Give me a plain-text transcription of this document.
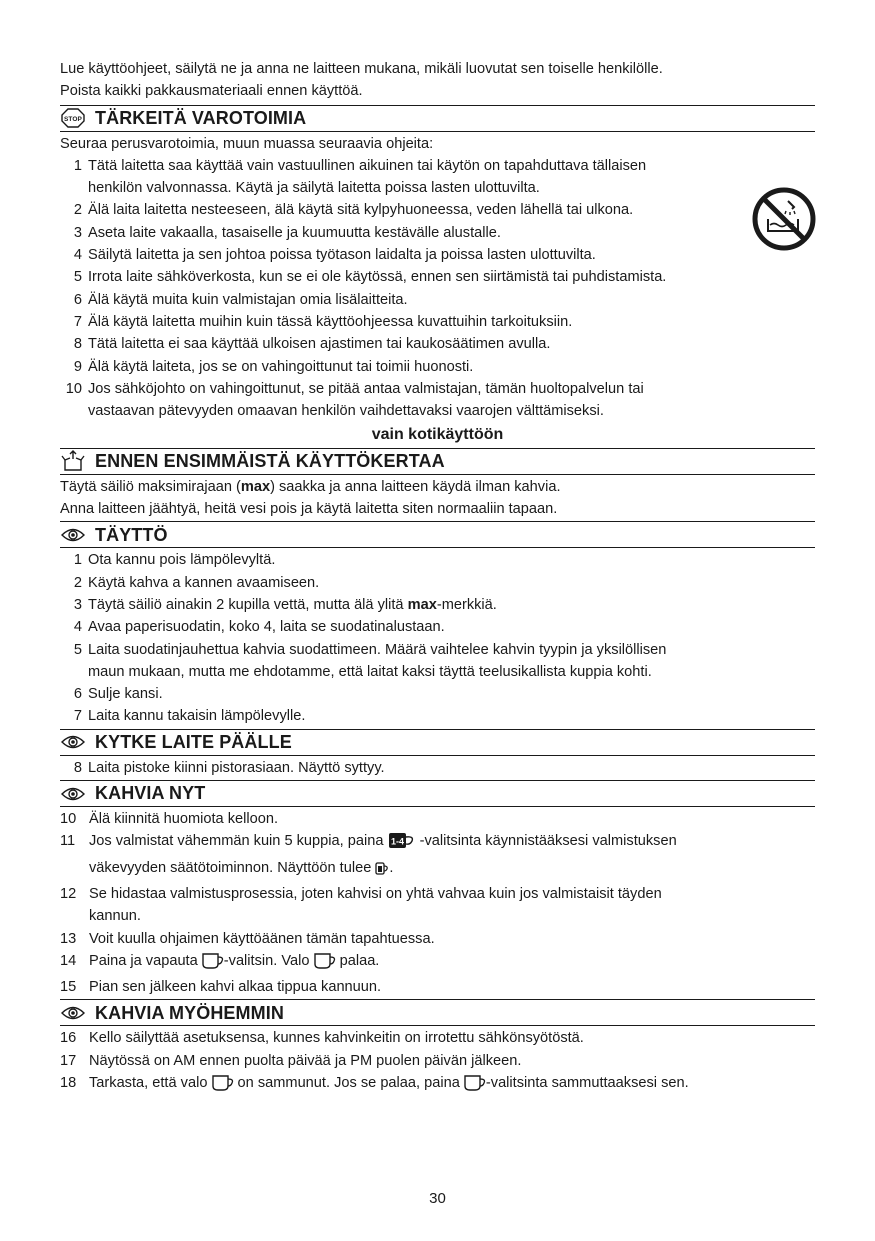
Lue käyttöohjeet, säilytä ne ja anna ne laitteen mukana, mikäli luovutat sen toiselle henkilölle.

Poista kaikki pakkausmateriaali ennen käyttöä.

STOP TÄRKEITÄ VAROTOIMIA

Seuraa perusvarotoimia, muun muassa seuraavia ohjeita:

1 Tätä laitetta saa käyttää vain vastuullinen aikuinen tai käytön on tapahduttava tällaisen
henkilön valvonnassa. Käytä ja säilytä laitetta poissa lasten ulottuvilta.
2 Älä laita laitetta nesteeseen, älä käytä sitä kylpyhuoneessa, veden lähellä tai ulkona.
3 Aseta laite vakaalla, tasaiselle ja kuumuutta kestävälle alustalle.
4 Säilytä laitetta ja sen johtoa poissa työtason laidalta ja poissa lasten ulottuvilta.
5 Irrota laite sähköverkosta, kun se ei ole käytössä, ennen sen siirtämistä tai puhdistamista.
6 Älä käytä muita kuin valmistajan omia lisälaitteita.
7 Älä käytä laitetta muihin kuin tässä käyttöohjeessa kuvattuihin tarkoituksiin.
8 Tätä laitetta ei saa käyttää ulkoisen ajastimen tai kaukosäätimen avulla.
9 Älä käytä laiteta, jos se on vahingoittunut tai toimii huonosti.
10 Jos sähköjohto on vahingoittunut, se pitää antaa valmistajan, tämän huoltopalvelun tai
vastaavan pätevyyden omaavan henkilön vaihdettavaksi vaarojen välttämiseksi.

vain kotikäyttöön

ENNEN ENSIMMÄISTÄ KÄYTTÖKERTAA

Täytä säiliö maksimirajaan (max) saakka ja anna laitteen käydä ilman kahvia.

Anna laitteen jäähtyä, heitä vesi pois ja käytä laitetta siten normaaliin tapaan.

TÄYTTÖ
1 Ota kannu pois lämpölevyltä.
2 Käytä kahva a kannen avaamiseen.
3 Täytä säiliö ainakin 2 kupilla vettä, mutta älä ylitä max-merkkiä.
4 Avaa paperisuodatin, koko 4, laita se suodatinalustaan.
5 Laita suodatinjauhettua kahvia suodattimeen. Määrä vaihtelee kahvin tyypin ja yksilöllisen
maun mukaan, mutta me ehdotamme, että laitat kaksi täyttä teelusikallista kuppia kohti.
6 Sulje kansi.
7 Laita kannu takaisin lämpölevylle.
KYTKE LAITE PÄÄLLE
8 Laita pistoke kiinni pistorasiaan. Näyttö syttyy.
KAHVIA NYT
10 Älä kiinnitä huomiota kelloon.
11 Jos valmistat vähemmän kuin 5 kuppia, paina 1-4 -valitsinta käynnistääksesi valmistuksen
väkevyyden säätötoiminnon. Näyttöön tulee .
12 Se hidastaa valmistusprosessia, joten kahvisi on yhtä vahvaa kuin jos valmistaisit täyden
kannun.
13 Voit kuulla ohjaimen käyttöäänen tämän tapahtuessa.
14 Paina ja vapauta -valitsin. Valo  palaa.
15 Pian sen jälkeen kahvi alkaa tippua kannuun.
KAHVIA MYÖHEMMIN
16 Kello säilyttää asetuksensa, kunnes kahvinkeitin on irrotettu sähkönsyötöstä.
17 Näytössä on AM ennen puolta päivää ja PM puolen päivän jälkeen.
18 Tarkasta, että valo  on sammunut. Jos se palaa, paina -valitsinta sammuttaaksesi sen.
30
